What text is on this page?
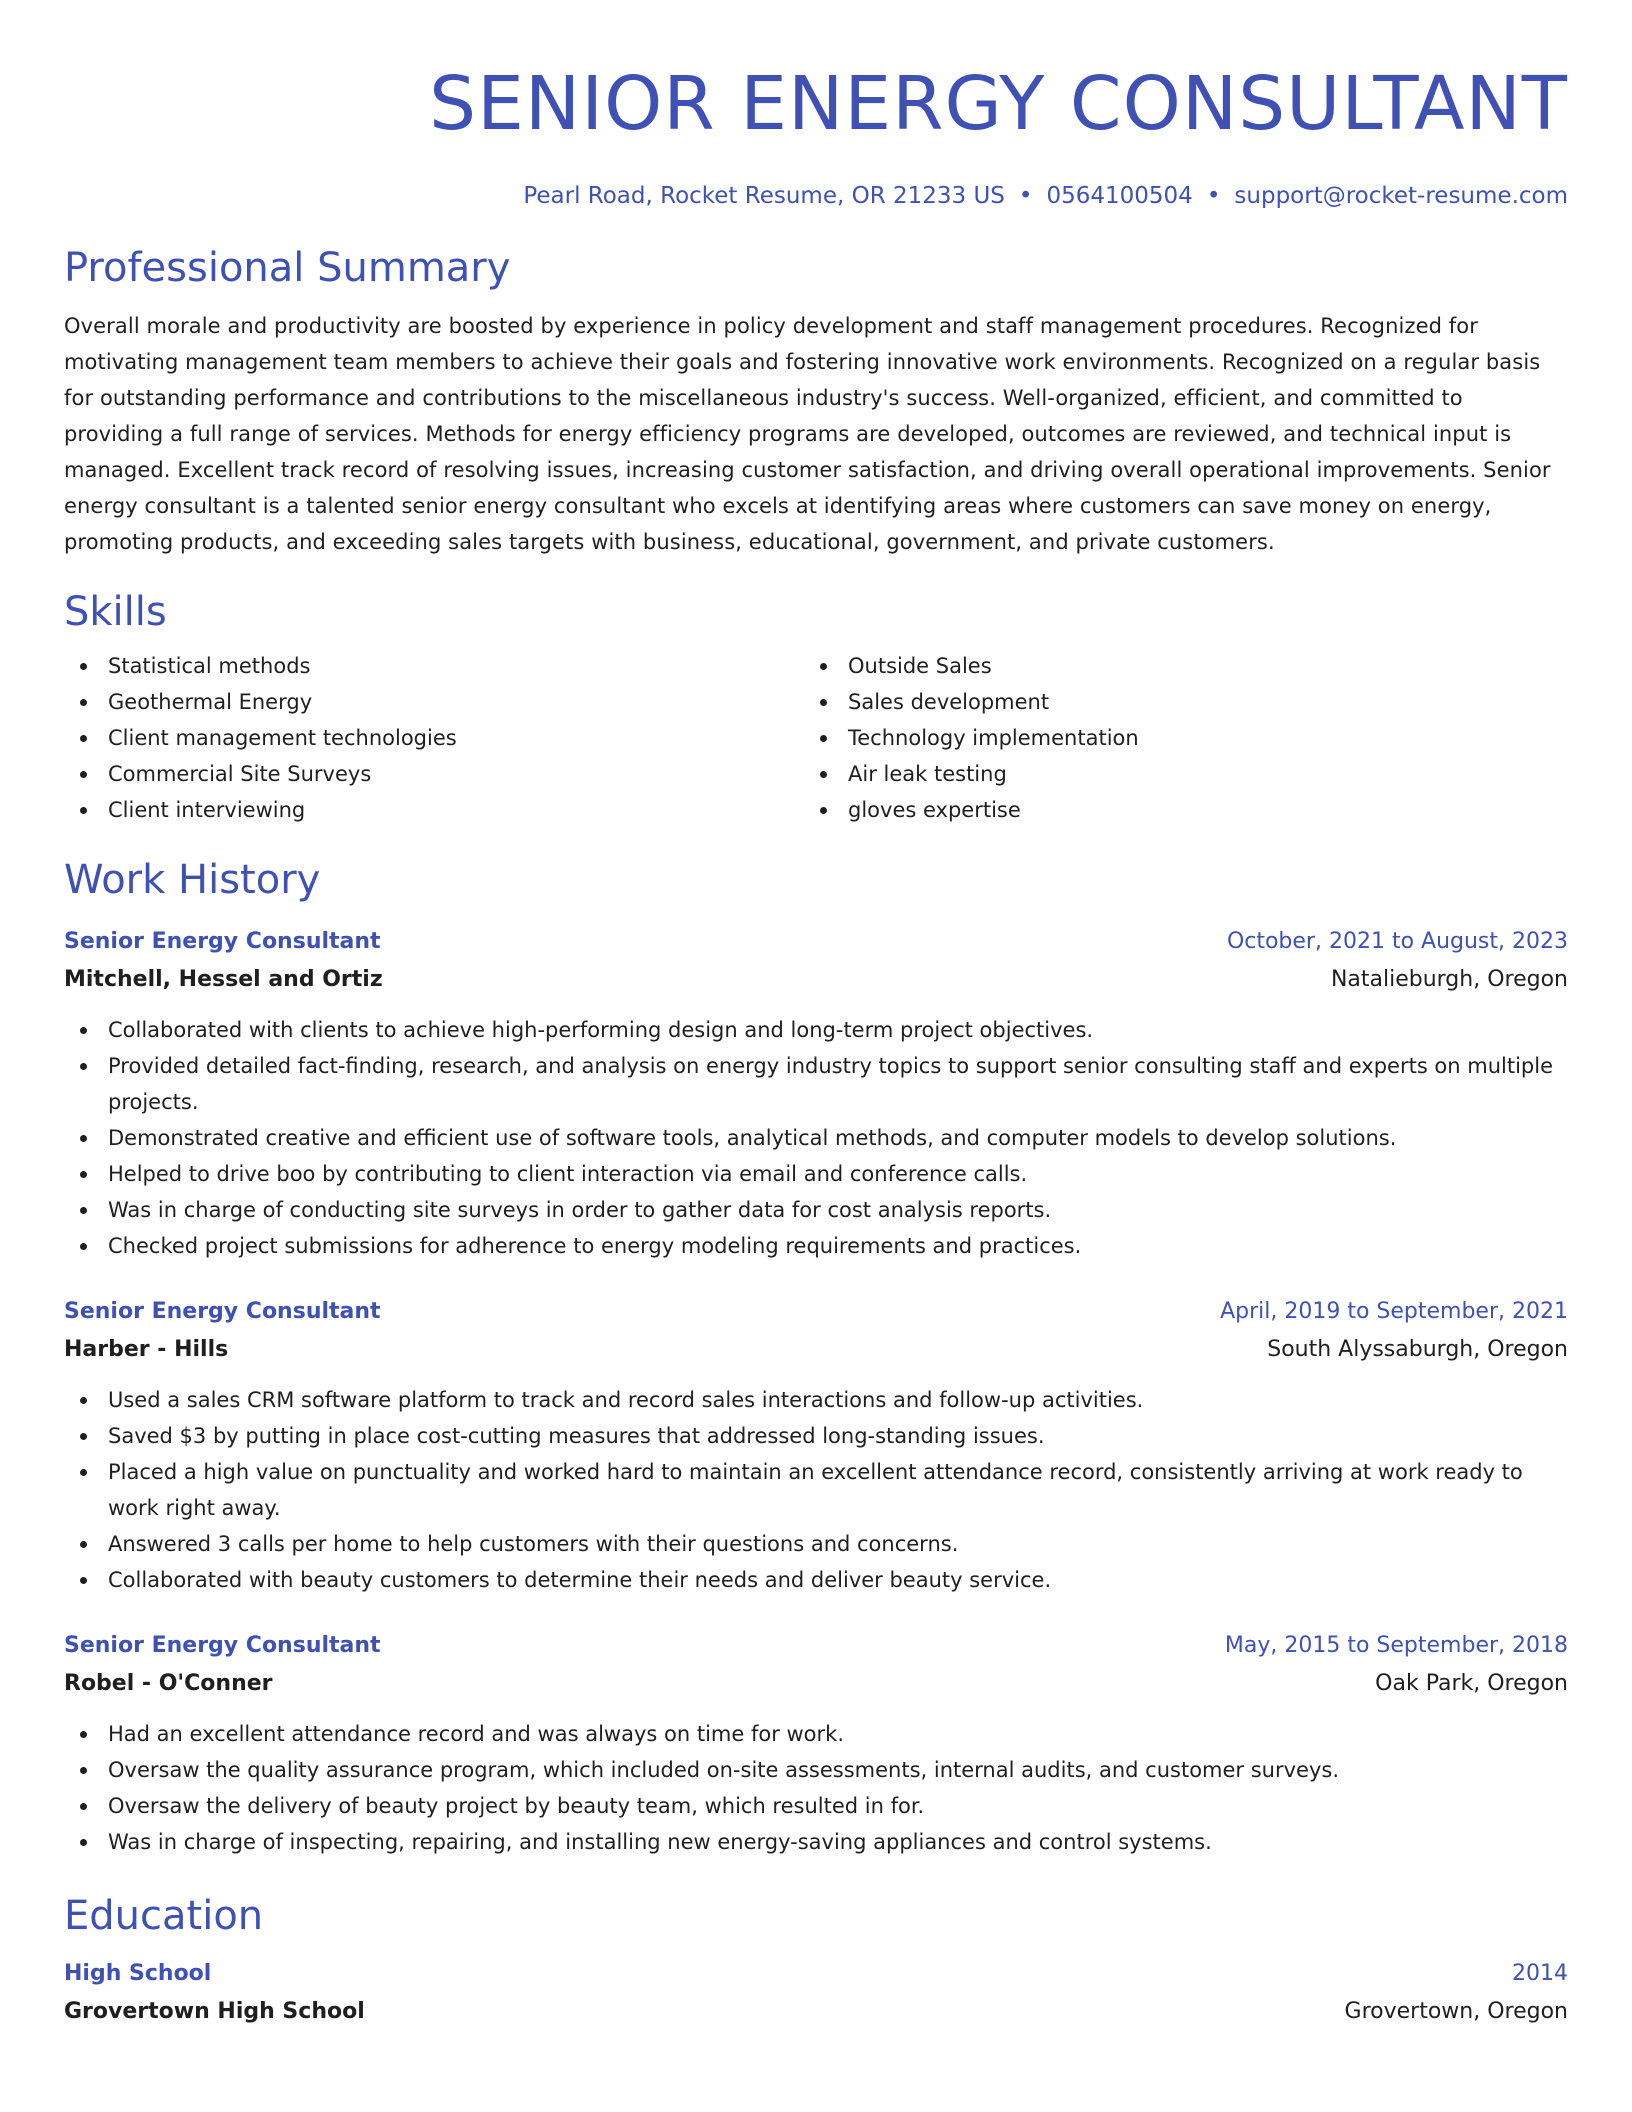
SENIOR ENERGY CONSULTANT
Pearl Road, Rocket Resume, OR 21233 US • 0564100504 • support@rocket-resume.com
Professional Summary

Overall morale and productivity are boosted by experience in policy development and staff management procedures. Recognized for motivating management team members to achieve their goals and fostering innovative work environments. Recognized on a regular basis for outstanding performance and contributions to the miscellaneous industry's success. Well-organized, efficient, and committed to providing a full range of services. Methods for energy efficiency programs are developed, outcomes are reviewed, and technical input is managed. Excellent track record of resolving issues, increasing customer satisfaction, and driving overall operational improvements. Senior energy consultant is a talented senior energy consultant who excels at identifying areas where customers can save money on energy, promoting products, and exceeding sales targets with business, educational, government, and private customers.

Skills
Statistical methods
Geothermal Energy
Client management technologies
Commercial Site Surveys
Client interviewing
Outside Sales
Sales development
Technology implementation
Air leak testing
gloves expertise
Work History
Senior Energy Consultant	October, 2021 to August, 2023
Mitchell, Hessel and Ortiz	Natalieburgh, Oregon
Collaborated with clients to achieve high-performing design and long-term project objectives.
Provided detailed fact-finding, research, and analysis on energy industry topics to support senior consulting staff and experts on multiple projects.
Demonstrated creative and efficient use of software tools, analytical methods, and computer models to develop solutions.
Helped to drive boo by contributing to client interaction via email and conference calls.
Was in charge of conducting site surveys in order to gather data for cost analysis reports.
Checked project submissions for adherence to energy modeling requirements and practices.
Senior Energy Consultant	April, 2019 to September, 2021
Harber - Hills	South Alyssaburgh, Oregon
Used a sales CRM software platform to track and record sales interactions and follow-up activities.
Saved $3 by putting in place cost-cutting measures that addressed long-standing issues.
Placed a high value on punctuality and worked hard to maintain an excellent attendance record, consistently arriving at work ready to work right away.
Answered 3 calls per home to help customers with their questions and concerns.
Collaborated with beauty customers to determine their needs and deliver beauty service.
Senior Energy Consultant	May, 2015 to September, 2018
Robel - O'Conner	Oak Park, Oregon
Had an excellent attendance record and was always on time for work.
Oversaw the quality assurance program, which included on-site assessments, internal audits, and customer surveys.
Oversaw the delivery of beauty project by beauty team, which resulted in for.
Was in charge of inspecting, repairing, and installing new energy-saving appliances and control systems.
Education
High School	2014
Grovertown High School	Grovertown, Oregon
